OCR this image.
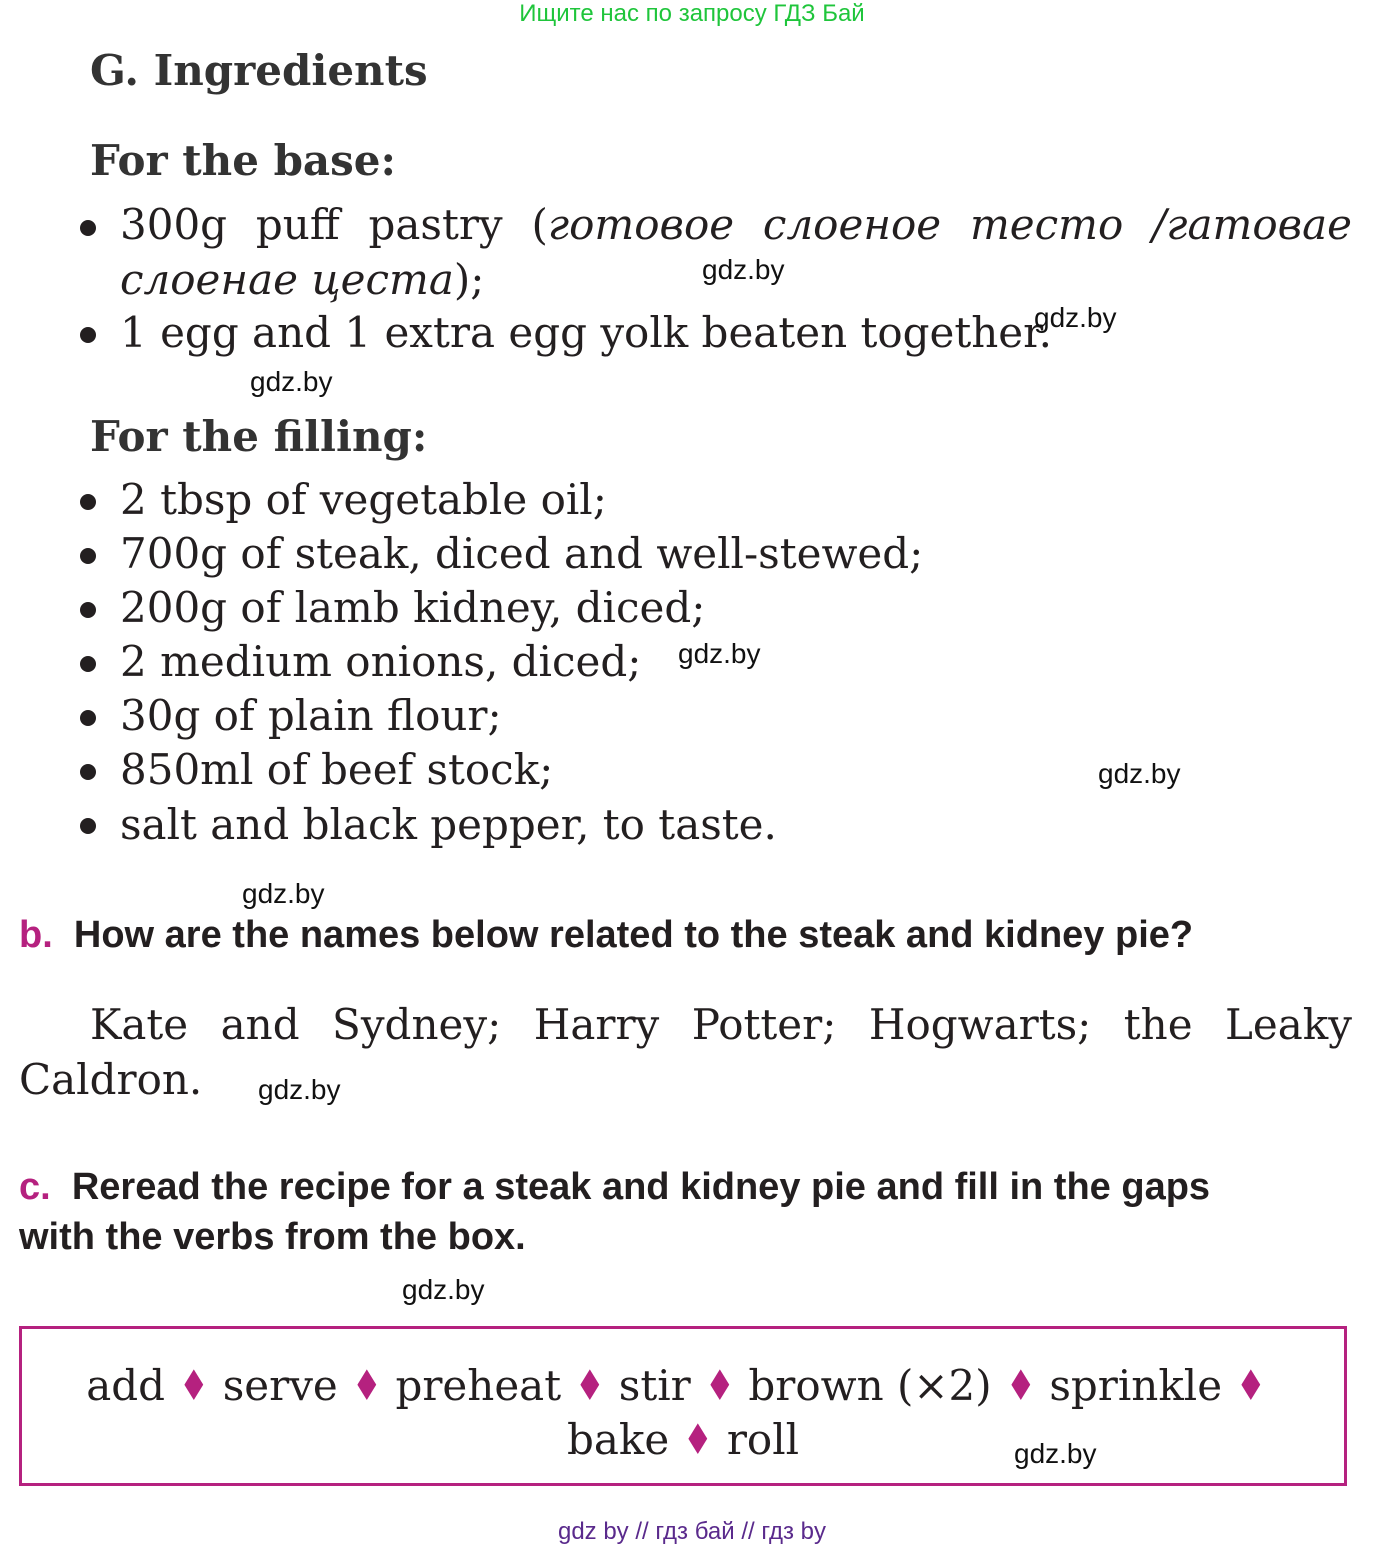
Ищите нас по запросу ГДЗ Бай
G. Ingredients
For the base:
300g puff pastry (готовое слоеное тесто /гатовае
слоенае цеста);
1 egg and 1 extra egg yolk beaten together.
For the filling:
2 tbsp of vegetable oil;
700g of steak, diced and well-stewed;
200g of lamb kidney, diced;
2 medium onions, diced;
30g of plain flour;
850ml of beef stock;
salt and black pepper, to taste.
b. How are the names below related to the steak and kidney pie?
Kate and Sydney; Harry Potter; Hogwarts; the Leaky
Caldron.
c. Reread the recipe for a steak and kidney pie and fill in the gaps
with the verbs from the box.
add ♦ serve ♦ preheat ♦ stir ♦ brown (×2) ♦ sprinkle ♦
bake ♦ roll
gdz.by
gdz.by
gdz.by
gdz.by
gdz.by
gdz.by
gdz.by
gdz.by
gdz.by
gdz by // гдз бай // гдз by
